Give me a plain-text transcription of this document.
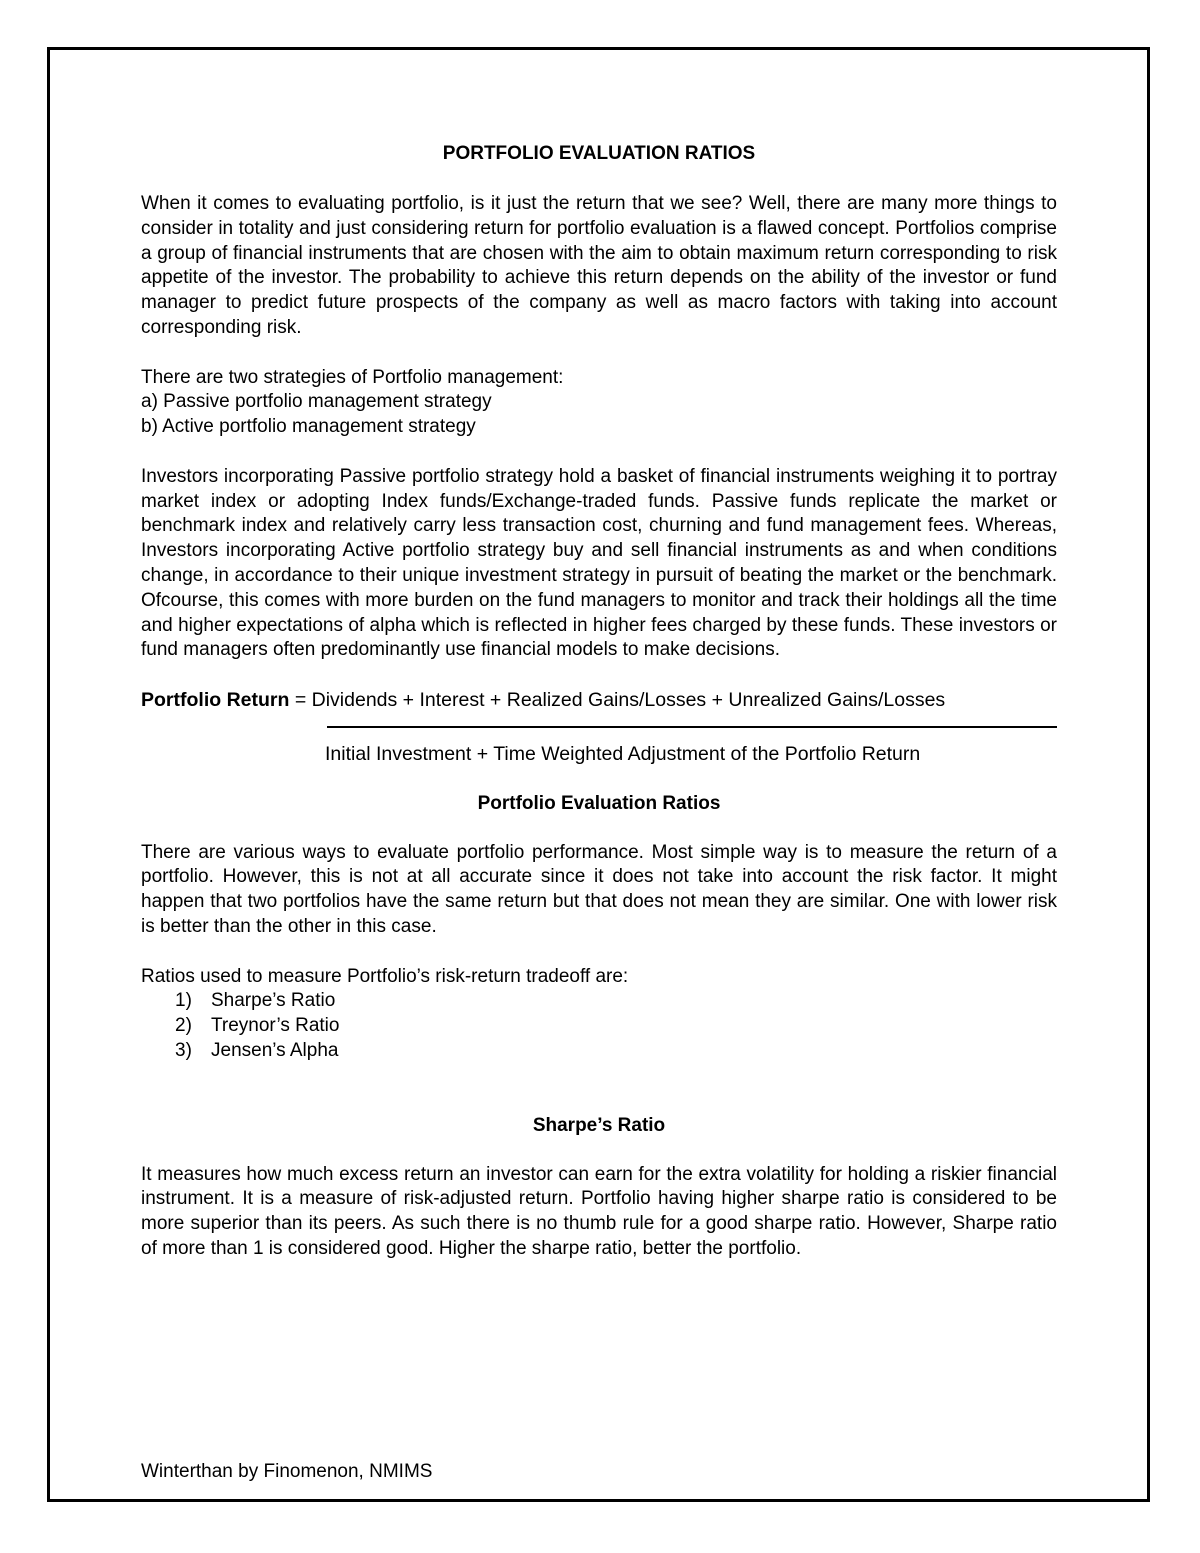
PORTFOLIO EVALUATION RATIOS

When it comes to evaluating portfolio, is it just the return that we see? Well, there are many more things to consider in totality and just considering return for portfolio evaluation is a flawed concept. Portfolios comprise a group of financial instruments that are chosen with the aim to obtain maximum return corresponding to risk appetite of the investor. The probability to achieve this return depends on the ability of the investor or fund manager to predict future prospects of the company as well as macro factors with taking into account corresponding risk.

There are two strategies of Portfolio management:

a) Passive portfolio management strategy

b) Active portfolio management strategy

Investors incorporating Passive portfolio strategy hold a basket of financial instruments weighing it to portray market index or adopting Index funds/Exchange-traded funds. Passive funds replicate the market or benchmark index and relatively carry less transaction cost, churning and fund management fees. Whereas, Investors incorporating Active portfolio strategy buy and sell financial instruments as and when conditions change, in accordance to their unique investment strategy in pursuit of beating the market or the benchmark. Ofcourse, this comes with more burden on the fund managers to monitor and track their holdings all the time and higher expectations of alpha which is reflected in higher fees charged by these funds. These investors or fund managers often predominantly use financial models to make decisions.

Portfolio Return = Dividends + Interest + Realized Gains/Losses + Unrealized Gains/Losses
Initial Investment + Time Weighted Adjustment of the Portfolio Return
Portfolio Evaluation Ratios

There are various ways to evaluate portfolio performance. Most simple way is to measure the return of a portfolio. However, this is not at all accurate since it does not take into account the risk factor. It might happen that two portfolios have the same return but that does not mean they are similar. One with lower risk is better than the other in this case.

Ratios used to measure Portfolio’s risk-return tradeoff are:

1) Sharpe’s Ratio
2) Treynor’s Ratio
3) Jensen’s Alpha
Sharpe’s Ratio

It measures how much excess return an investor can earn for the extra volatility for holding a riskier financial instrument. It is a measure of risk-adjusted return. Portfolio having higher sharpe ratio is considered to be more superior than its peers. As such there is no thumb rule for a good sharpe ratio. However, Sharpe ratio of more than 1 is considered good. Higher the sharpe ratio, better the portfolio.

Winterthan by Finomenon, NMIMS
